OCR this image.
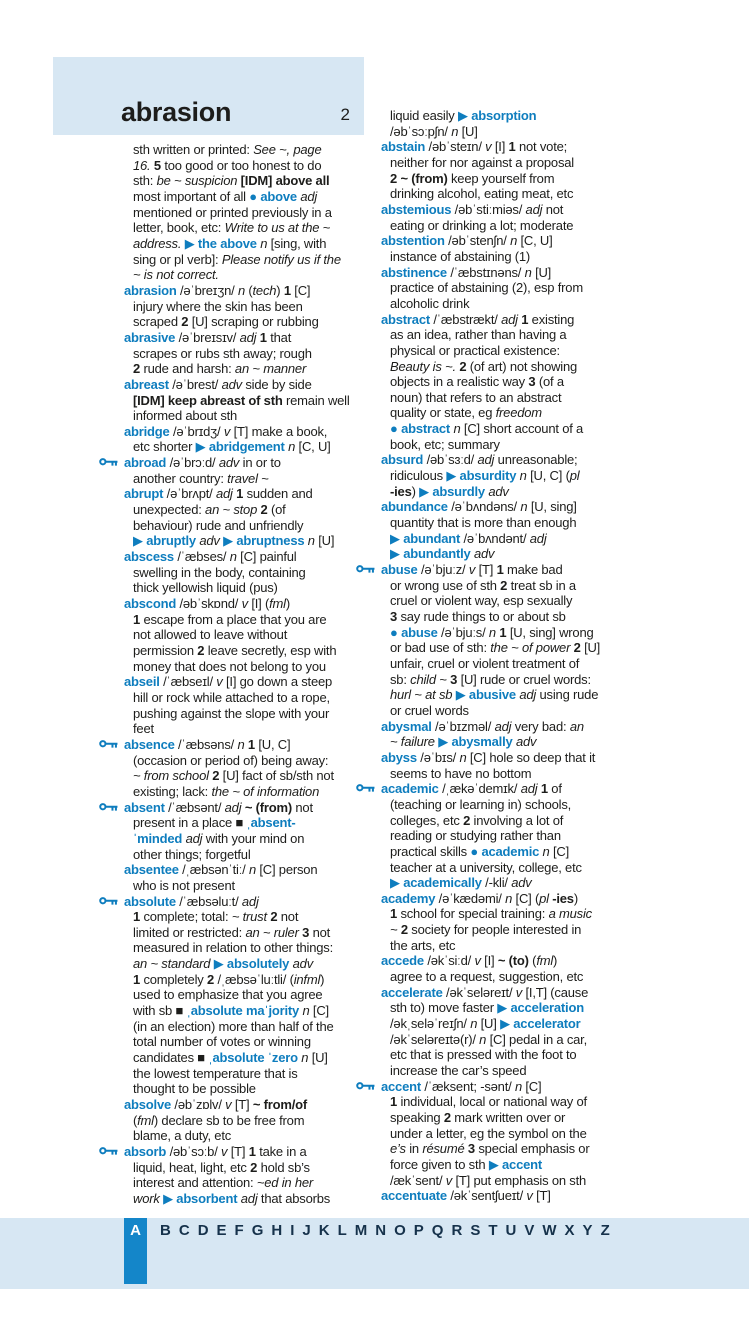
abrasion	2
sth written or printed: See ~, page
16. 5 too good or too honest to do
sth: be ~ suspicion [IDM] above all
most important of all ● above adj
mentioned or printed previously in a
letter, book, etc: Write to us at the ~
address. ▶ the above n [sing, with
sing or pl verb]: Please notify us if the
~ is not correct.
abrasion /əˈbreɪʒn/ n (tech) 1 [C]
injury where the skin has been
scraped 2 [U] scraping or rubbing
abrasive /əˈbreɪsɪv/ adj 1 that
scrapes or rubs sth away; rough
2 rude and harsh: an ~ manner
abreast /əˈbrest/ adv side by side
[IDM] keep abreast of sth remain well
informed about sth
abridge /əˈbrɪdʒ/ v [T] make a book,
etc shorter ▶ abridgement n [C, U]
abroad /əˈbrɔːd/ adv in or to
another country: travel ~
abrupt /əˈbrʌpt/ adj 1 sudden and
unexpected: an ~ stop 2 (of
behaviour) rude and unfriendly
▶ abruptly adv ▶ abruptness n [U]
abscess /ˈæbses/ n [C] painful
swelling in the body, containing
thick yellowish liquid (pus)
abscond /əbˈskɒnd/ v [I] (fml)
1 escape from a place that you are
not allowed to leave without
permission 2 leave secretly, esp with
money that does not belong to you
abseil /ˈæbseɪl/ v [I] go down a steep
hill or rock while attached to a rope,
pushing against the slope with your
feet
absence /ˈæbsəns/ n 1 [U, C]
(occasion or period of) being away:
~ from school 2 [U] fact of sb/sth not
existing; lack: the ~ of information
absent /ˈæbsənt/ adj ~ (from) not
present in a place ■ ˌabsent-
ˈminded adj with your mind on
other things; forgetful
absentee /ˌæbsənˈtiː/ n [C] person
who is not present
absolute /ˈæbsəluːt/ adj
1 complete; total: ~ trust 2 not
limited or restricted: an ~ ruler 3 not
measured in relation to other things:
an ~ standard ▶ absolutely adv
1 completely 2 /ˌæbsəˈluːtli/ (infml)
used to emphasize that you agree
with sb ■ ˌabsolute maˈjority n [C]
(in an election) more than half of the
total number of votes or winning
candidates ■ ˌabsolute ˈzero n [U]
the lowest temperature that is
thought to be possible
absolve /əbˈzɒlv/ v [T] ~ from/of
(fml) declare sb to be free from
blame, a duty, etc
absorb /əbˈsɔːb/ v [T] 1 take in a
liquid, heat, light, etc 2 hold sb’s
interest and attention: ~ed in her
work ▶ absorbent adj that absorbs
liquid easily ▶ absorption
/əbˈsɔːpʃn/ n [U]
abstain /əbˈsteɪn/ v [I] 1 not vote;
neither for nor against a proposal
2 ~ (from) keep yourself from
drinking alcohol, eating meat, etc
abstemious /əbˈstiːmiəs/ adj not
eating or drinking a lot; moderate
abstention /əbˈstenʃn/ n [C, U]
instance of abstaining (1)
abstinence /ˈæbstɪnəns/ n [U]
practice of abstaining (2), esp from
alcoholic drink
abstract /ˈæbstrækt/ adj 1 existing
as an idea, rather than having a
physical or practical existence:
Beauty is ~. 2 (of art) not showing
objects in a realistic way 3 (of a
noun) that refers to an abstract
quality or state, eg freedom
● abstract n [C] short account of a
book, etc; summary
absurd /əbˈsɜːd/ adj unreasonable;
ridiculous ▶ absurdity n [U, C] (pl
-ies) ▶ absurdly adv
abundance /əˈbʌndəns/ n [U, sing]
quantity that is more than enough
▶ abundant /əˈbʌndənt/ adj
▶ abundantly adv
abuse /əˈbjuːz/ v [T] 1 make bad
or wrong use of sth 2 treat sb in a
cruel or violent way, esp sexually
3 say rude things to or about sb
● abuse /əˈbjuːs/ n 1 [U, sing] wrong
or bad use of sth: the ~ of power 2 [U]
unfair, cruel or violent treatment of
sb: child ~ 3 [U] rude or cruel words:
hurl ~ at sb ▶ abusive adj using rude
or cruel words
abysmal /əˈbɪzməl/ adj very bad: an
~ failure ▶ abysmally adv
abyss /əˈbɪs/ n [C] hole so deep that it
seems to have no bottom
academic /ˌækəˈdemɪk/ adj 1 of
(teaching or learning in) schools,
colleges, etc 2 involving a lot of
reading or studying rather than
practical skills ● academic n [C]
teacher at a university, college, etc
▶ academically /-kli/ adv
academy /əˈkædəmi/ n [C] (pl -ies)
1 school for special training: a music
~ 2 society for people interested in
the arts, etc
accede /əkˈsiːd/ v [I] ~ (to) (fml)
agree to a request, suggestion, etc
accelerate /əkˈseləreɪt/ v [I,T] (cause
sth to) move faster ▶ acceleration
/əkˌseləˈreɪʃn/ n [U] ▶ accelerator
/əkˈseləreɪtə(r)/ n [C] pedal in a car,
etc that is pressed with the foot to
increase the car’s speed
accent /ˈæksent; -sənt/ n [C]
1 individual, local or national way of
speaking 2 mark written over or
under a letter, eg the symbol on the
e’s in résumé 3 special emphasis or
force given to sth ▶ accent
/ækˈsent/ v [T] put emphasis on sth
accentuate /əkˈsentʃueɪt/ v [T]
A	B C D E F G H I J K L M N O P Q R S T U V W X Y Z
